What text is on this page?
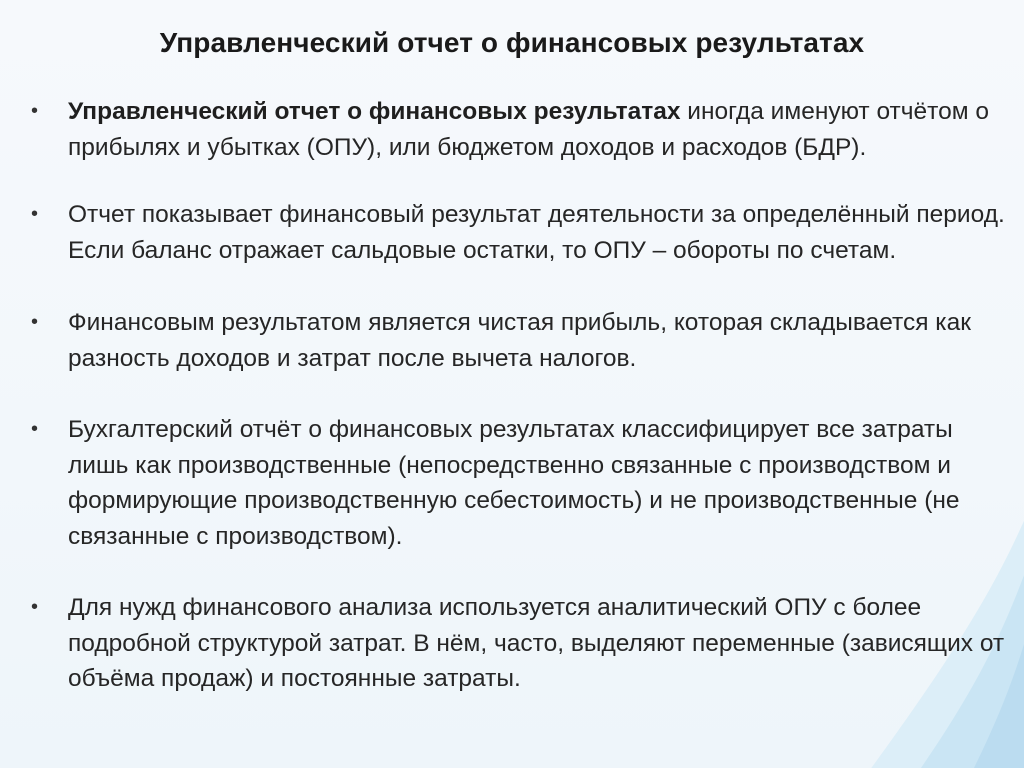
Управленческий отчет о финансовых результатах
• Управленческий отчет о финансовых результатах иногда именуют отчётом о прибылях и убытках (ОПУ), или бюджетом доходов и расходов (БДР).
• Отчет показывает финансовый результат деятельности за определённый период. Если баланс отражает сальдовые остатки, то ОПУ – обороты по счетам.
• Финансовым результатом является чистая прибыль, которая складывается как разность доходов и затрат после вычета налогов.
• Бухгалтерский отчёт о финансовых результатах классифицирует все затраты лишь как производственные (непосредственно связанные с производством и формирующие производственную себестоимость) и не производственные (не связанные с производством).
• Для нужд финансового анализа используется аналитический ОПУ с более подробной структурой затрат. В нём, часто, выделяют переменные (зависящих от объёма продаж) и постоянные затраты.
